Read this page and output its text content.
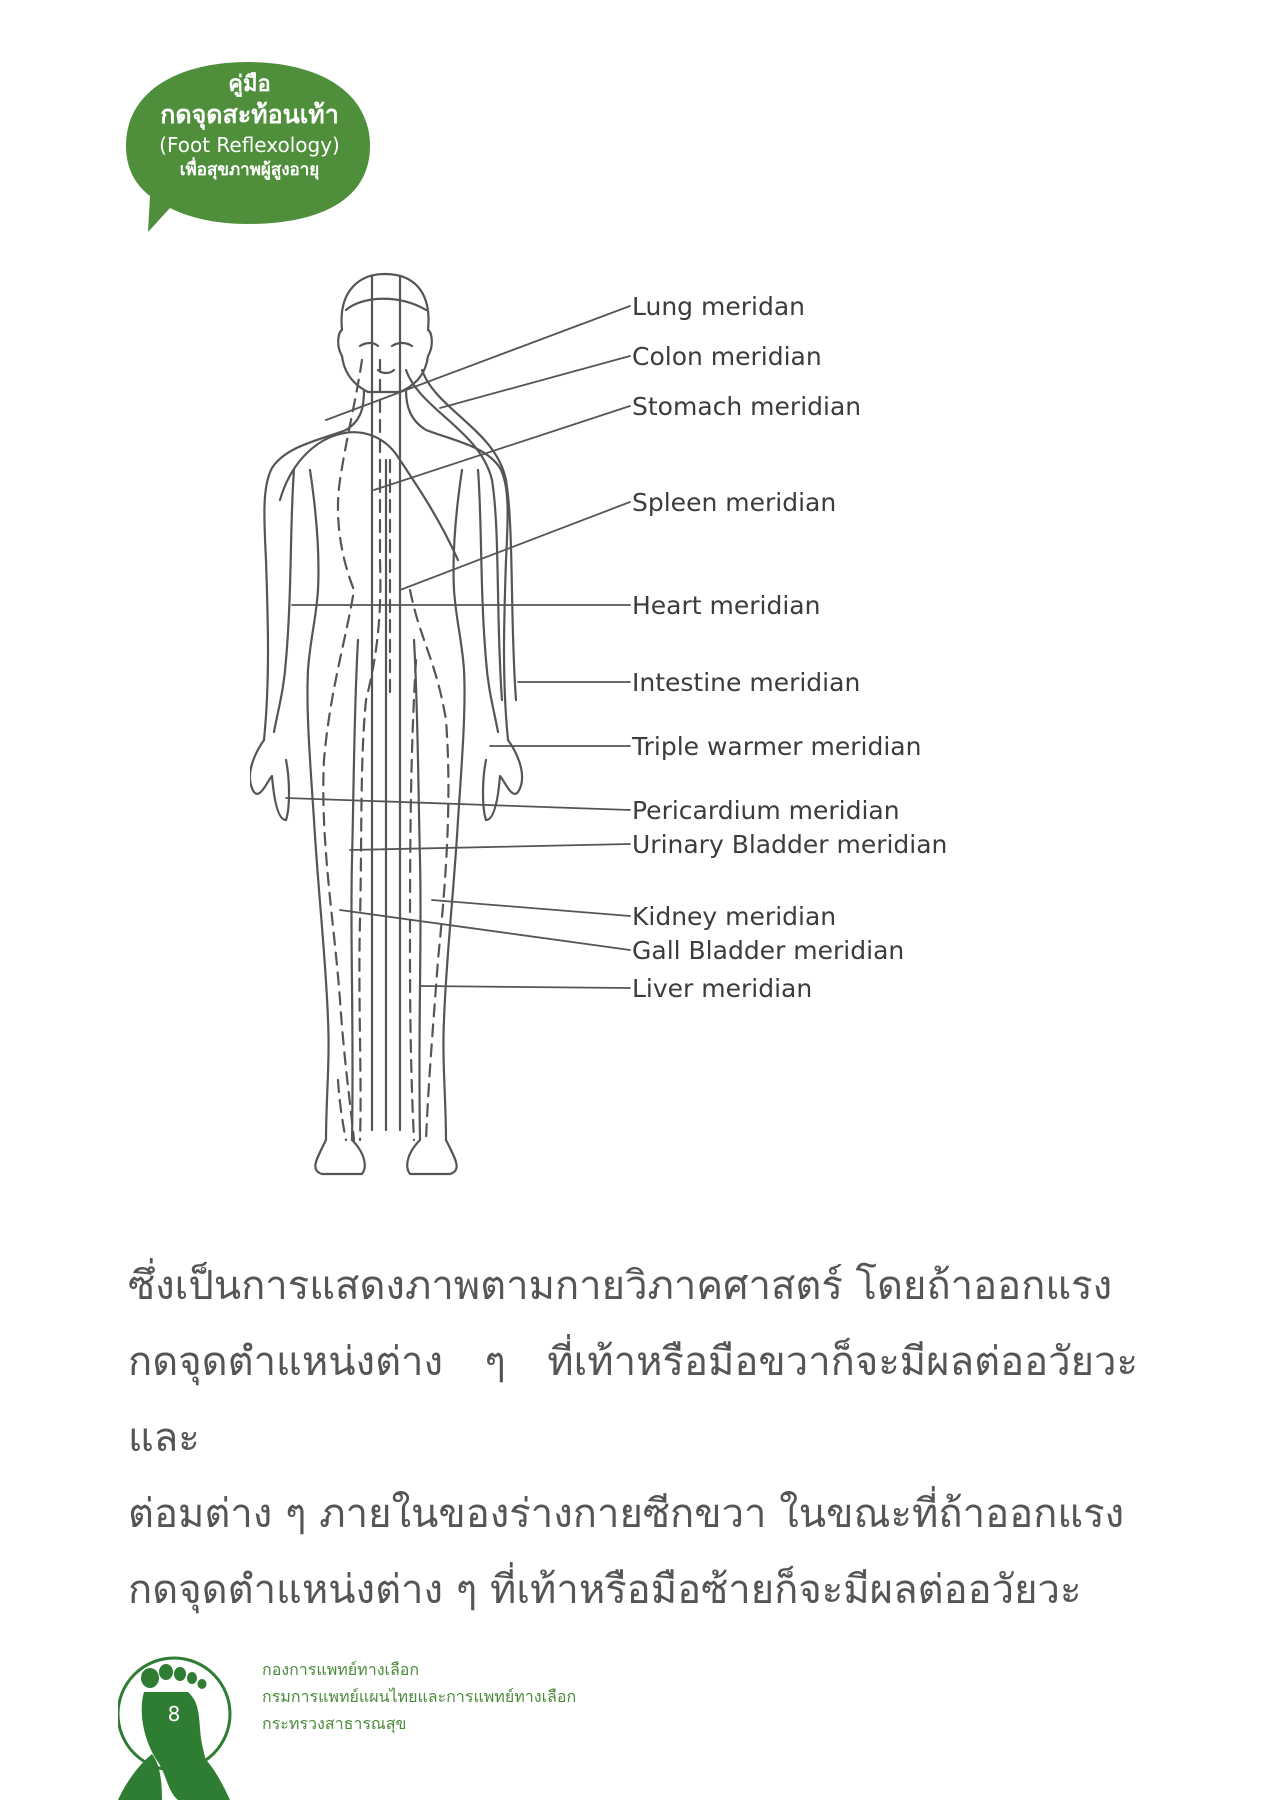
คู่มือ
กดจุดสะท้อนเท้า
(Foot Reflexology)
เพื่อสุขภาพผู้สูงอายุ
Lung meridan
Colon meridian
Stomach meridian
Spleen meridian
Heart meridian
Intestine meridian
Triple warmer meridian
Pericardium meridian
Urinary Bladder meridian
Kidney meridian
Gall Bladder meridian
Liver meridian
ซึ่งเป็นการแสดงภาพตามกายวิภาคศาสตร์ โดยถ้าออกแรง
กดจุดตำแหน่งต่าง ๆ ที่เท้าหรือมือขวาก็จะมีผลต่ออวัยวะ และ
ต่อมต่าง ๆ ภายในของร่างกายซีกขวา ในขณะที่ถ้าออกแรง
กดจุดตำแหน่งต่าง ๆ ที่เท้าหรือมือซ้ายก็จะมีผลต่ออวัยวะ
8
กองการแพทย์ทางเลือก
กรมการแพทย์แผนไทยและการแพทย์ทางเลือก
กระทรวงสาธารณสุข
